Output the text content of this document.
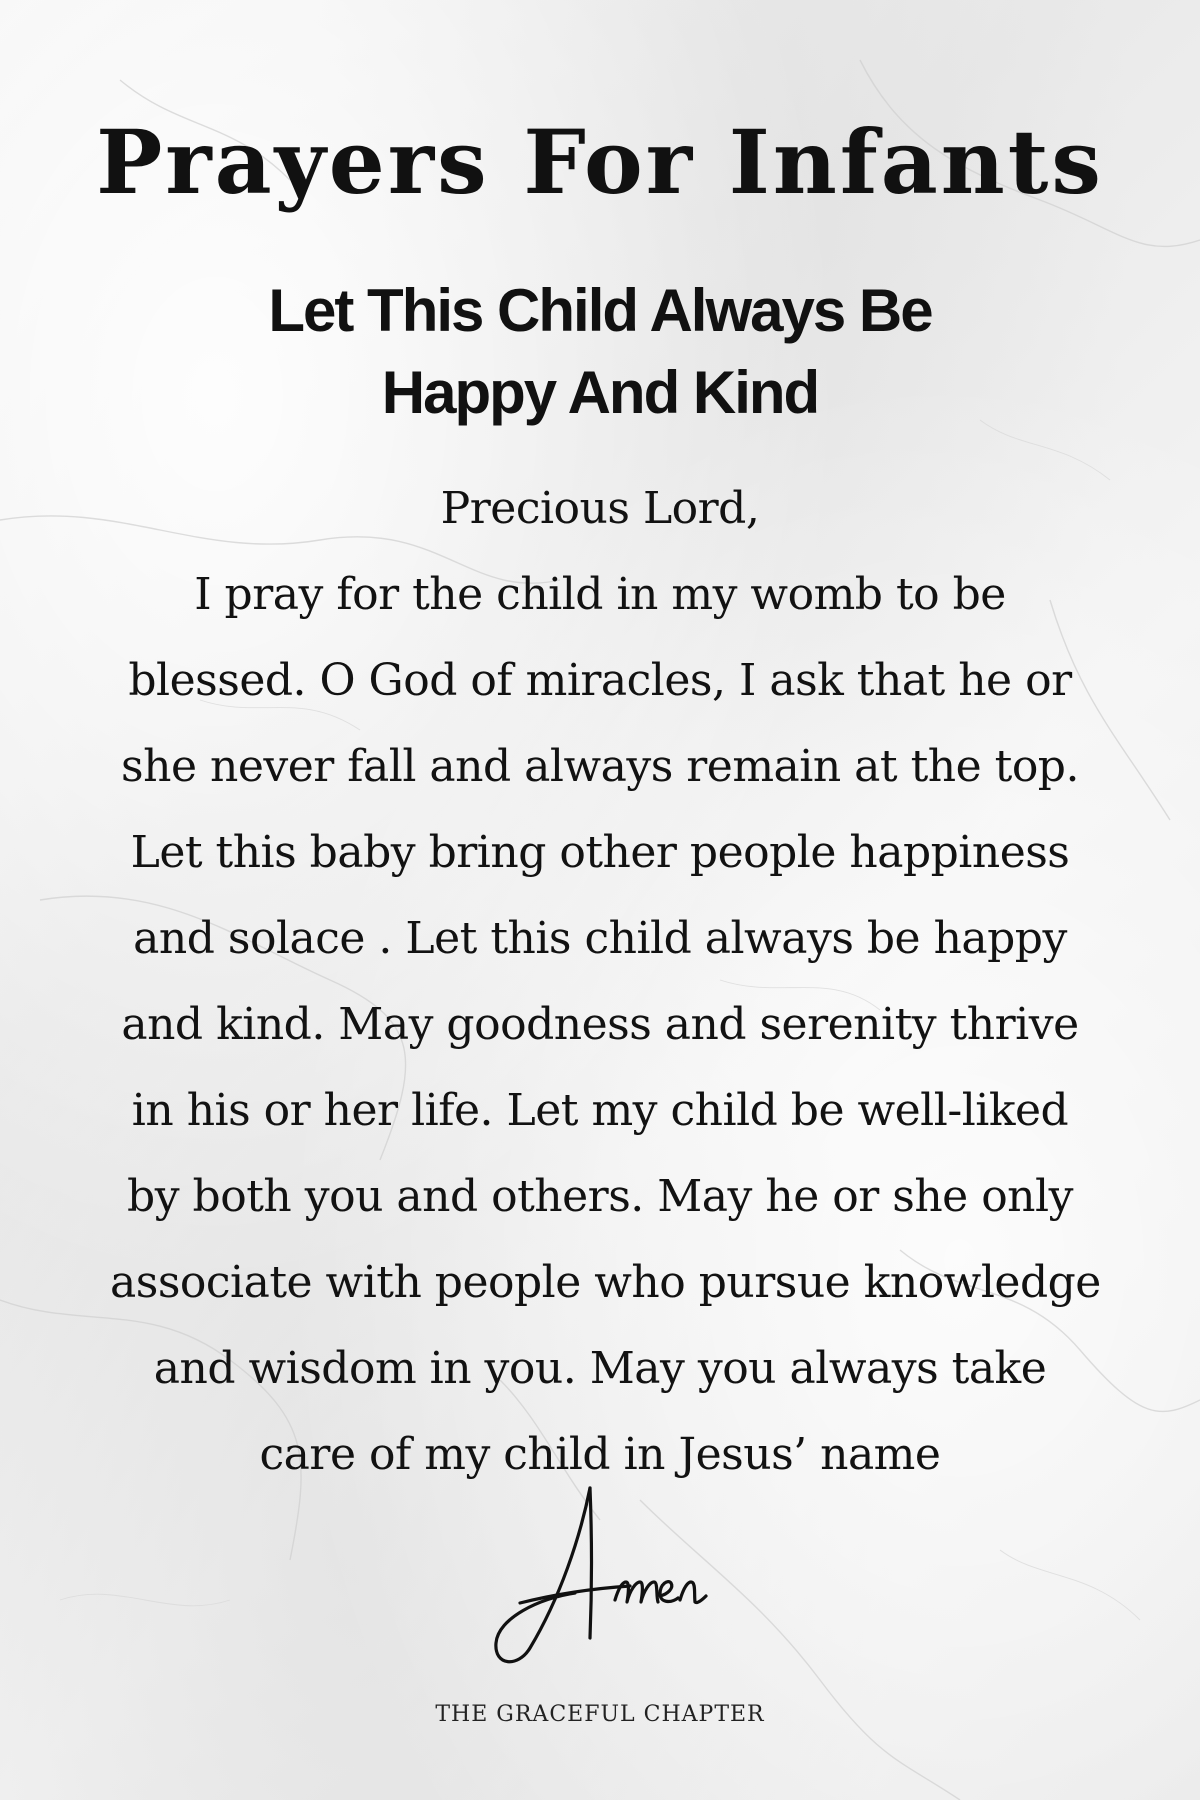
Prayers For Infants
Let This Child Always Be
Happy And Kind
Precious Lord,
I pray for the child in my womb to be
blessed. O God of miracles, I ask that he or
she never fall and always remain at the top.
Let this baby bring other people happiness
and solace . Let this child always be happy
and kind. May goodness and serenity thrive
in his or her life. Let my child be well-liked
by both you and others. May he or she only
associate with people who pursue knowledge
and wisdom in you. May you always take
care of my child in Jesus’ name
THE GRACEFUL CHAPTER
